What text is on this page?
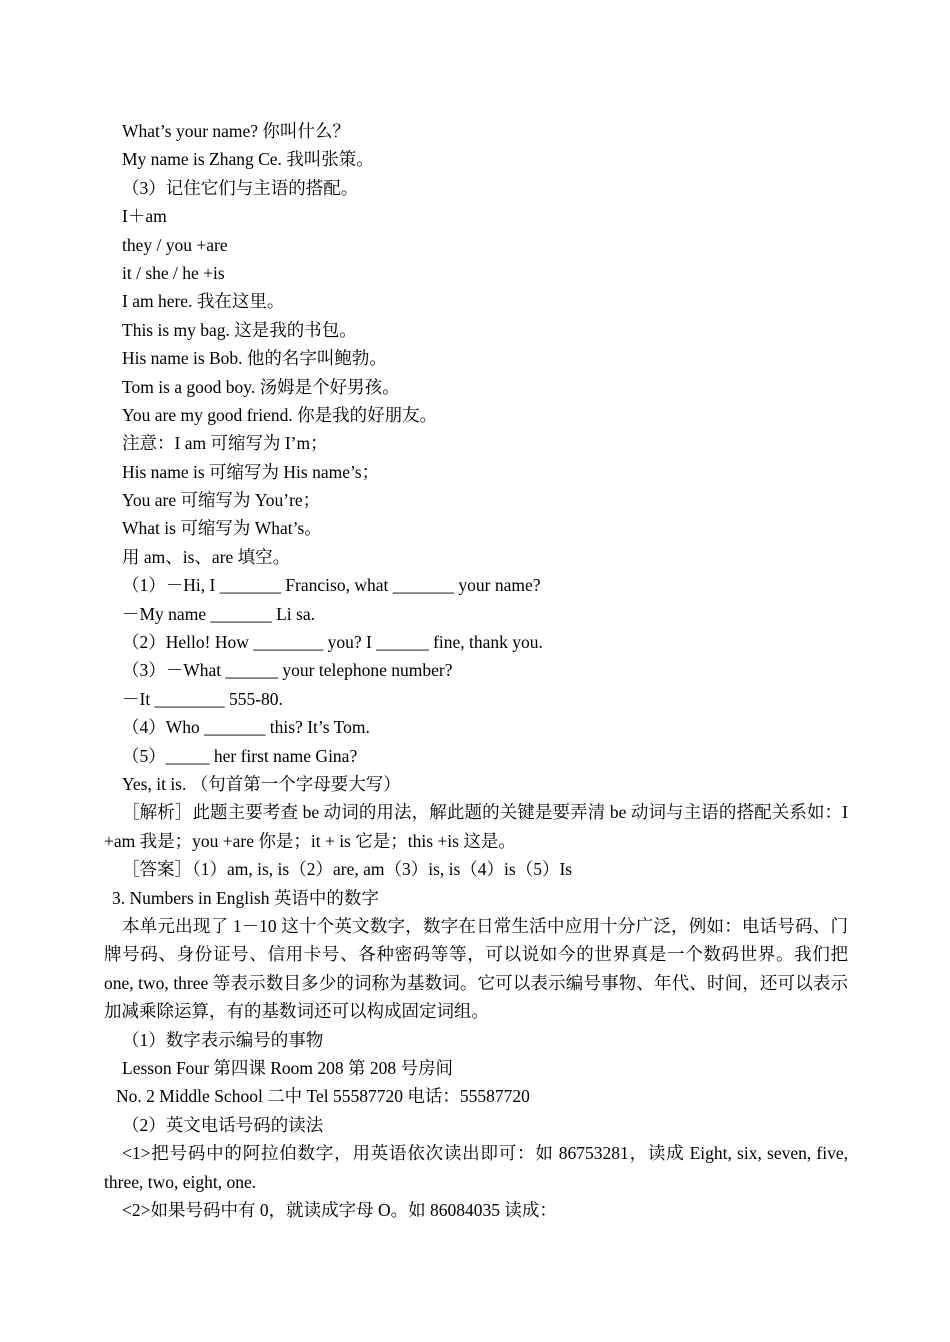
What’s your name? 你叫什么？
My name is Zhang Ce. 我叫张策。
（3）记住它们与主语的搭配。
I＋am
they / you +are
it / she / he +is
I am here. 我在这里。
This is my bag. 这是我的书包。
His name is Bob. 他的名字叫鲍勃。
Tom is a good boy. 汤姆是个好男孩。
You are my good friend. 你是我的好朋友。
注意：I am 可缩写为 I’m；
His name is 可缩写为 His name’s；
You are 可缩写为 You’re；
What is 可缩写为 What’s。
用 am、is、are 填空。
（1）－Hi, I _______ Franciso, what _______ your name?
－My name _______ Li sa.
（2）Hello! How ________ you? I ______ fine, thank you.
（3）－What ______ your telephone number?
－It ________ 555-80.
（4）Who _______ this? It’s Tom.
（5）_____ her first name Gina?
Yes, it is. （句首第一个字母要大写）
［解析］此题主要考查 be 动词的用法，解此题的关键是要弄清 be 动词与主语的搭配关系如：I +am 我是；you +are 你是；it + is 它是；this +is 这是。
［答案］（1）am, is, is（2）are, am（3）is, is（4）is（5）Is
3. Numbers in English 英语中的数字
本单元出现了 1－10 这十个英文数字，数字在日常生活中应用十分广泛，例如：电话号码、门牌号码、身份证号、信用卡号、各种密码等等，可以说如今的世界真是一个数码世界。我们把 one, two, three 等表示数目多少的词称为基数词。它可以表示编号事物、年代、时间，还可以表示加减乘除运算，有的基数词还可以构成固定词组。
（1）数字表示编号的事物
Lesson Four 第四课 Room 208 第 208 号房间
No. 2 Middle School 二中 Tel 55587720 电话：55587720
（2）英文电话号码的读法
<1>把号码中的阿拉伯数字，用英语依次读出即可：如 86753281，读成 Eight, six, seven, five, three, two, eight, one.
<2>如果号码中有 0，就读成字母 O。如 86084035 读成：
